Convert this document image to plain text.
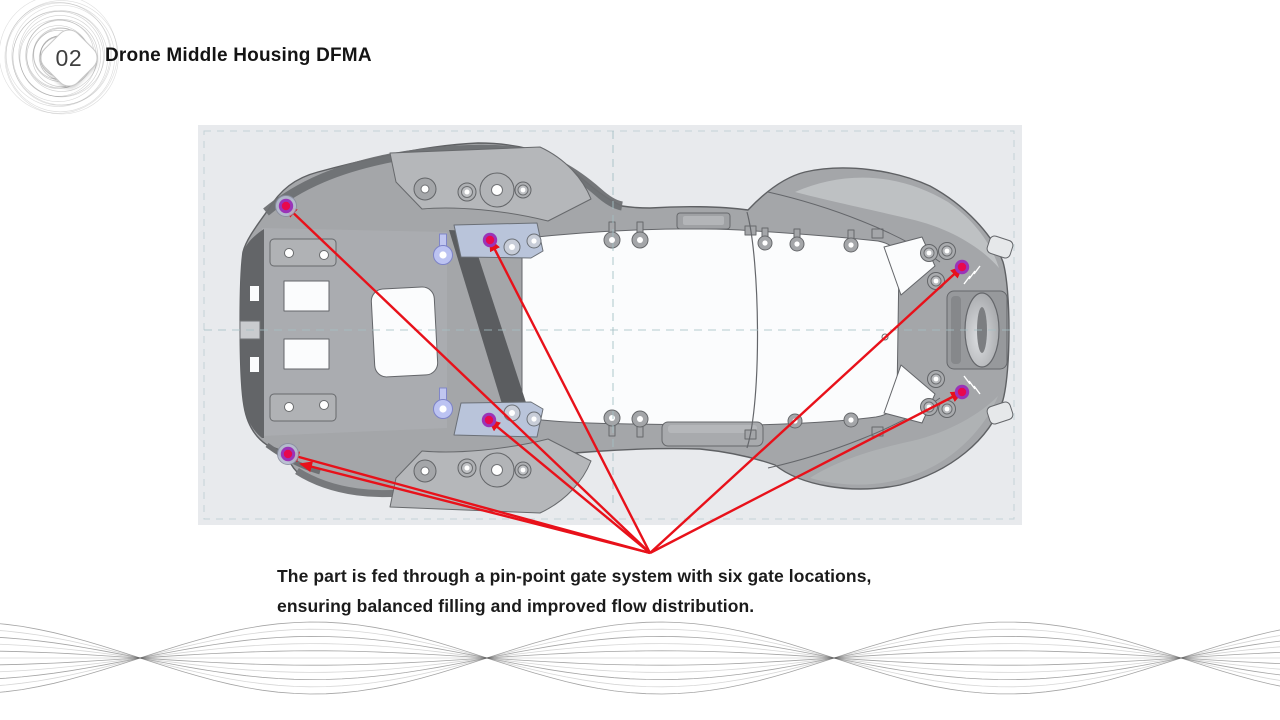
02 Drone Middle Housing DFMA
The part is fed through a pin-point gate system with six gate locations,
ensuring balanced filling and improved flow distribution.
